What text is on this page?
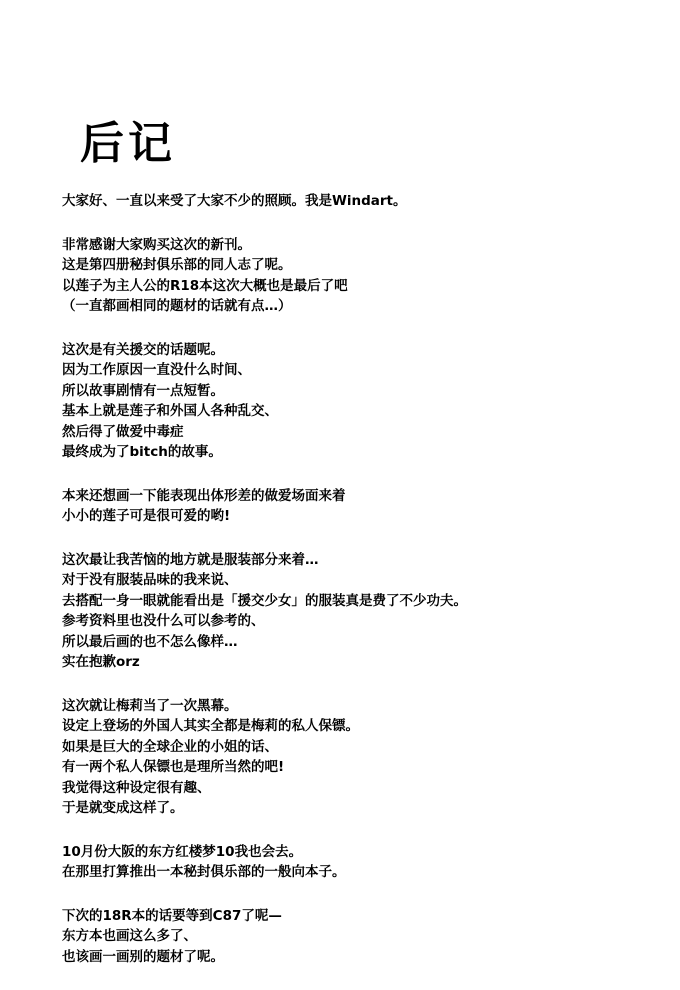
后记
大家好、一直以来受了大家不少的照顾。我是Windart。
非常感谢大家购买这次的新刊。
这是第四册秘封俱乐部的同人志了呢。
以莲子为主人公的R18本这次大概也是最后了吧
（一直都画相同的题材的话就有点…）
这次是有关援交的话题呢。
因为工作原因一直没什么时间、
所以故事剧情有一点短暂。
基本上就是莲子和外国人各种乱交、
然后得了做爱中毒症
最终成为了bitch的故事。
本来还想画一下能表现出体形差的做爱场面来着
小小的莲子可是很可爱的哟!
这次最让我苦恼的地方就是服装部分来着…
对于没有服装品味的我来说、
去搭配一身一眼就能看出是「援交少女」的服装真是费了不少功夫。
参考资料里也没什么可以参考的、
所以最后画的也不怎么像样…
实在抱歉orz
这次就让梅莉当了一次黑幕。
设定上登场的外国人其实全都是梅莉的私人保镖。
如果是巨大的全球企业的小姐的话、
有一两个私人保镖也是理所当然的吧!
我觉得这种设定很有趣、
于是就变成这样了。
10月份大阪的东方红楼梦10我也会去。
在那里打算推出一本秘封俱乐部的一般向本子。
下次的18R本的话要等到C87了呢—
东方本也画这么多了、
也该画一画别的题材了呢。
